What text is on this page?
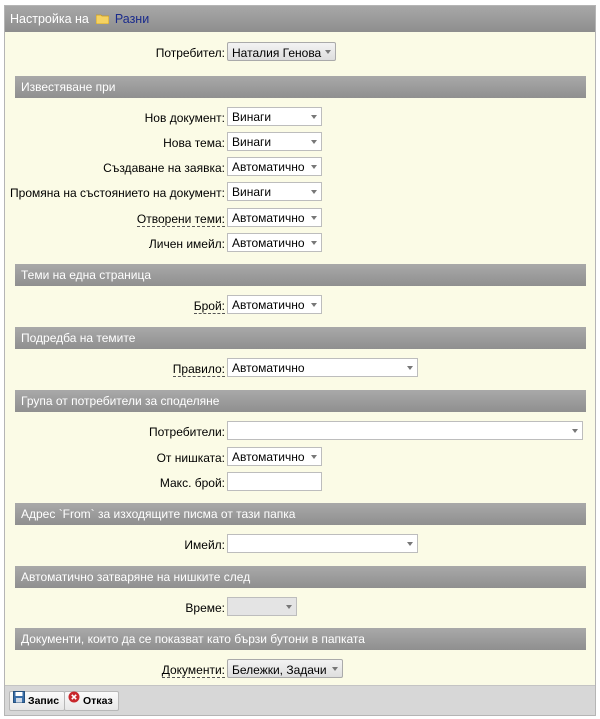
Настройка на Разни
Потребител: Наталия Генова
Известяване при
Нов документ: Винаги
Нова тема: Винаги
Създаване на заявка: Автоматично
Промяна на състоянието на документ: Винаги
Отворени теми: Автоматично
Личен имейл: Автоматично
Теми на една страница
Брой: Автоматично
Подредба на темите
Правило: Автоматично
Група от потребители за споделяне
Потребители:
От нишката: Автоматично
Макс. брой:
Адрес `From` за изходящите писма от тази папка
Имейл:
Автоматично затваряне на нишките след
Време:
Документи, които да се показват като бързи бутони в папката
Документи: Бележки, Задачи
Запис	Отказ
